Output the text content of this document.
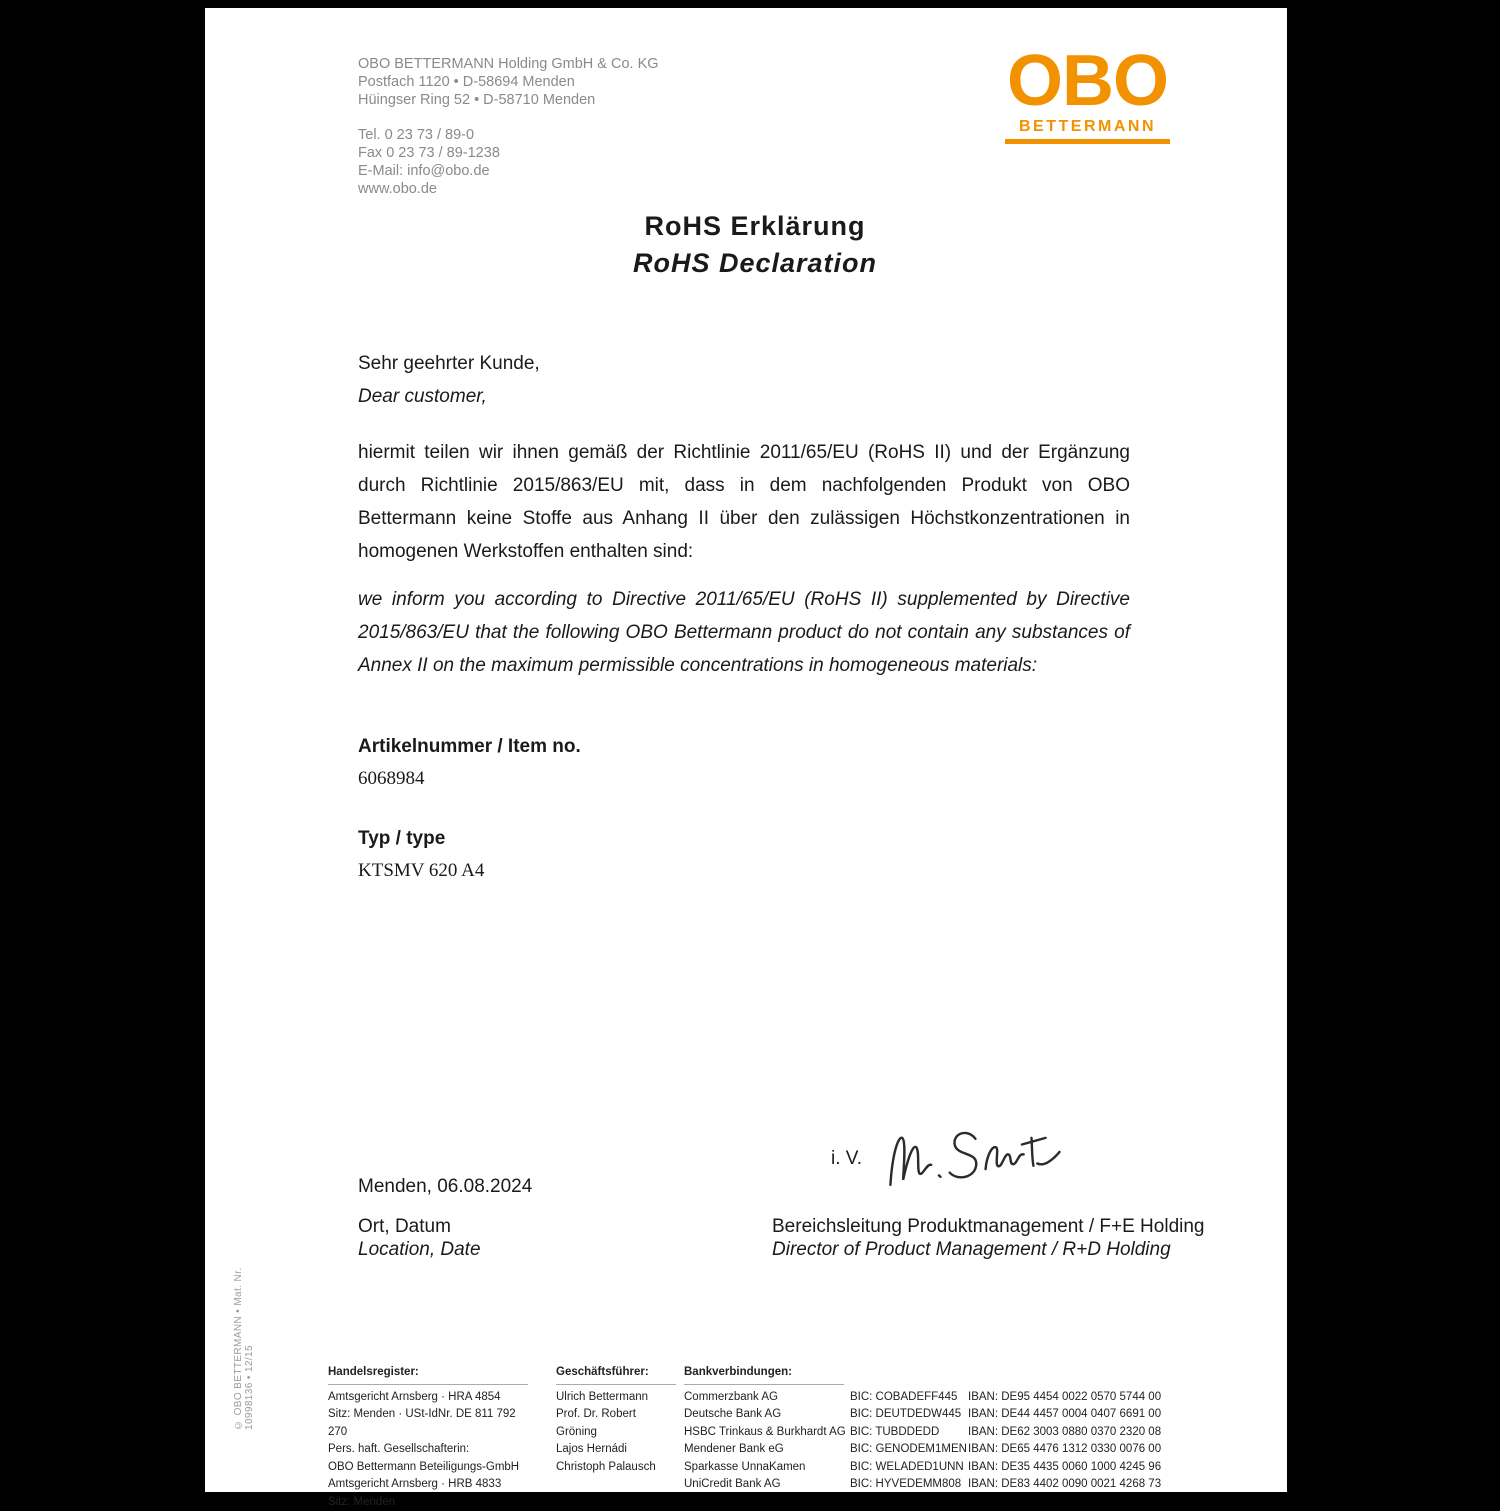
OBO BETTERMANN Holding GmbH & Co. KG
Postfach 1120 • D-58694 Menden
Hüingser Ring 52 • D-58710 Menden
Tel. 0 23 73 / 89-0
Fax 0 23 73 / 89-1238
E-Mail: info@obo.de
www.obo.de
OBO
BETTERMANN
RoHS Erklärung
RoHS Declaration
Sehr geehrter Kunde,
Dear customer,
hiermit teilen wir ihnen gemäß der Richtlinie 2011/65/EU (RoHS II) und der Ergänzung durch Richtlinie 2015/863/EU mit, dass in dem nachfolgenden Produkt von OBO Bettermann keine Stoffe aus Anhang II über den zulässigen Höchstkonzentrationen in homogenen Werkstoffen enthalten sind:
we inform you according to Directive 2011/65/EU (RoHS II) supplemented by Directive 2015/863/EU that the following OBO Bettermann product do not contain any substances of Annex II on the maximum permissible concentrations in homogeneous materials:
Artikelnummer / Item no.
6068984
Typ / type
KTSMV 620 A4
i. V.
Menden, 06.08.2024
Ort, Datum
Location, Date
Bereichsleitung Produktmanagement / F+E Holding
Director of Product Management / R+D Holding
© OBO BETTERMANN • Mat. Nr. 10998136 • 12/15	Handelsregister:
Amtsgericht Arnsberg · HRA 4854
Sitz: Menden · USt-IdNr. DE 811 792 270
Pers. haft. Gesellschafterin:
OBO Bettermann Beteiligungs-GmbH
Amtsgericht Arnsberg · HRB 4833
Sitz: Menden
Geschäftsführer:
Ulrich Bettermann
Prof. Dr. Robert Gröning
Lajos Hernádi
Christoph Palausch
Bankverbindungen:
Commerzbank AG	BIC: COBADEFF445 IBAN: DE95 4454 0022 0570 5744 00
Deutsche Bank AG	BIC: DEUTDEDW445 IBAN: DE44 4457 0004 0407 6691 00
HSBC Trinkaus & Burkhardt AG BIC: TUBDDEDD	IBAN: DE62 3003 0880 0370 2320 08
Mendener Bank eG	BIC: GENODEM1MEN IBAN: DE65 4476 1312 0330 0076 00
Sparkasse UnnaKamen	BIC: WELADED1UNN IBAN: DE35 4435 0060 1000 4245 96
UniCredit Bank AG	BIC: HYVEDEMM808 IBAN: DE83 4402 0090 0021 4268 73
